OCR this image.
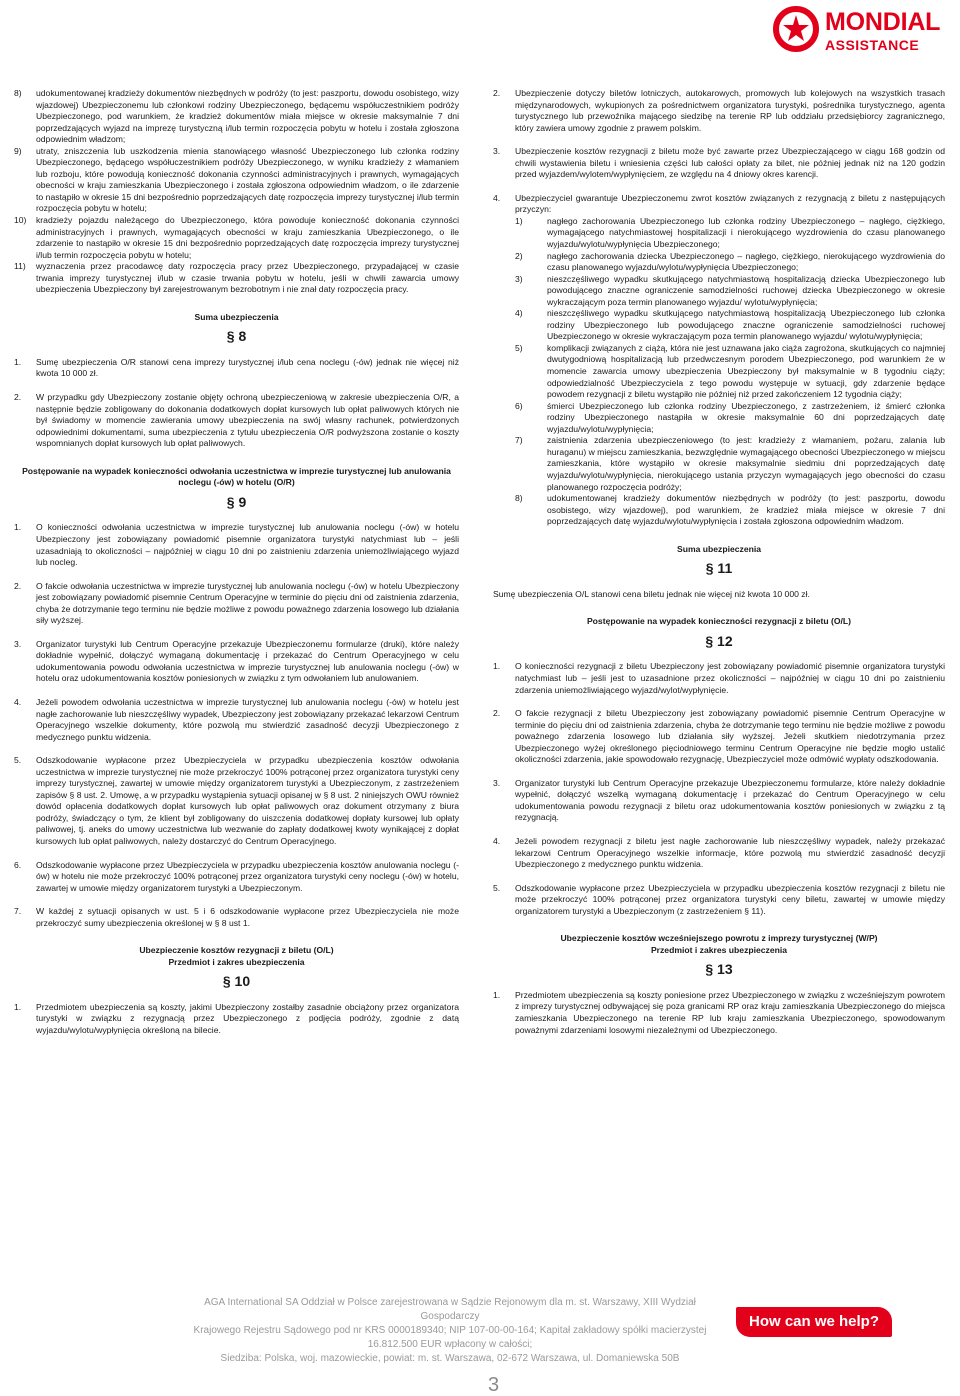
MONDIAL
ASSISTANCE
8)	udokumentowanej kradzieży dokumentów niezbędnych w podróży (to jest: paszportu, dowodu osobistego, wizy wjazdowej) Ubezpieczonemu lub członkowi rodziny Ubezpieczonego, będącemu współuczestnikiem podróży Ubezpieczonego, pod warunkiem, że kradzież dokumentów miała miejsce w okresie maksymalnie 7 dni poprzedzających wyjazd na imprezę turystyczną i/lub termin rozpoczęcia pobytu w hotelu i została zgłoszona odpowiednim władzom;
9)	utraty, zniszczenia lub uszkodzenia mienia stanowiącego własność Ubezpieczonego lub członka rodziny Ubezpieczonego, będącego współuczestnikiem podróży Ubezpieczonego, w wyniku kradzieży z włamaniem lub rozboju, które powodują konieczność dokonania czynności administracyjnych i prawnych, wymagających obecności w kraju zamieszkania Ubezpieczonego i została zgłoszona odpowiednim władzom, o ile zdarzenie to nastąpiło w okresie 15 dni bezpośrednio poprzedzających datę rozpoczęcia imprezy turystycznej i/lub termin rozpoczęcia pobytu w hotelu;
10)	kradzieży pojazdu należącego do Ubezpieczonego, która powoduje konieczność dokonania czynności administracyjnych i prawnych, wymagających obecności w kraju zamieszkania Ubezpieczonego, o ile zdarzenie to nastąpiło w okresie 15 dni bezpośrednio poprzedzających datę rozpoczęcia imprezy turystycznej i/lub termin rozpoczęcia pobytu w hotelu;
11)	wyznaczenia przez pracodawcę daty rozpoczęcia pracy przez Ubezpieczonego, przypadającej w czasie trwania imprezy turystycznej i/lub w czasie trwania pobytu w hotelu, jeśli w chwili zawarcia umowy ubezpieczenia Ubezpieczony był zarejestrowanym bezrobotnym i nie znał daty rozpoczęcia pracy.
Suma ubezpieczenia
§ 8
1.	Sumę ubezpieczenia O/R stanowi cena imprezy turystycznej i/lub cena noclegu (-ów) jednak nie więcej niż kwota 10 000 zł.
2.	W przypadku gdy Ubezpieczony zostanie objęty ochroną ubezpieczeniową w zakresie ubezpieczenia O/R, a następnie będzie zobligowany do dokonania dodatkowych dopłat kursowych lub opłat paliwowych których nie był świadomy w momencie zawierania umowy ubezpieczenia na swój własny rachunek, potwierdzonych odpowiednimi dokumentami, suma ubezpieczenia z tytułu ubezpieczenia O/R podwyższona zostanie o koszty wspomnianych dopłat kursowych lub opłat paliwowych.
Postępowanie na wypadek konieczności odwołania uczestnictwa w imprezie turystycznej lub anulowania noclegu (-ów) w hotelu (O/R)
§ 9
1.	O konieczności odwołania uczestnictwa w imprezie turystycznej lub anulowania noclegu (-ów) w hotelu Ubezpieczony jest zobowiązany powiadomić pisemnie organizatora turystyki natychmiast lub – jeśli uzasadniają to okoliczności – najpóźniej w ciągu 10 dni po zaistnieniu zdarzenia uniemożliwiającego wyjazd lub nocleg.
2.	O fakcie odwołania uczestnictwa w imprezie turystycznej lub anulowania noclegu (-ów) w hotelu Ubezpieczony jest zobowiązany powiadomić pisemnie Centrum Operacyjne w terminie do pięciu dni od zaistnienia zdarzenia, chyba że dotrzymanie tego terminu nie będzie możliwe z powodu poważnego zdarzenia losowego lub działania siły wyższej.
3.	Organizator turystyki lub Centrum Operacyjne przekazuje Ubezpieczonemu formularze (druki), które należy dokładnie wypełnić, dołączyć wymaganą dokumentację i przekazać do Centrum Operacyjnego w celu udokumentowania powodu odwołania uczestnictwa w imprezie turystycznej lub anulowania noclegu (-ów) w hotelu oraz udokumentowania kosztów poniesionych w związku z tym odwołaniem lub anulowaniem.
4.	Jeżeli powodem odwołania uczestnictwa w imprezie turystycznej lub anulowania noclegu (-ów) w hotelu jest nagłe zachorowanie lub nieszczęśliwy wypadek, Ubezpieczony jest zobowiązany przekazać lekarzowi Centrum Operacyjnego wszelkie dokumenty, które pozwolą mu stwierdzić zasadność decyzji Ubezpieczonego z medycznego punktu widzenia.
5.	Odszkodowanie wypłacone przez Ubezpieczyciela w przypadku ubezpieczenia kosztów odwołania uczestnictwa w imprezie turystycznej nie może przekroczyć 100% potrąconej przez organizatora turystyki ceny imprezy turystycznej, zawartej w umowie między organizatorem turystyki a Ubezpieczonym, z zastrzeżeniem zapisów § 8 ust. 2. Umowę, a w przypadku wystąpienia sytuacji opisanej w § 8 ust. 2 niniejszych OWU również dowód opłacenia dodatkowych dopłat kursowych lub opłat paliwowych oraz dokument otrzymany z biura podróży, świadczący o tym, że klient był zobligowany do uiszczenia dodatkowej dopłaty kursowej lub opłaty paliwowej, tj. aneks do umowy uczestnictwa lub wezwanie do zapłaty dodatkowej kwoty wynikającej z dopłat kursowych lub opłat paliwowych, należy dostarczyć do Centrum Operacyjnego.
6.	Odszkodowanie wypłacone przez Ubezpieczyciela w przypadku ubezpieczenia kosztów anulowania noclegu (-ów) w hotelu nie może przekroczyć 100% potrąconej przez organizatora turystyki ceny noclegu (-ów) w hotelu, zawartej w umowie między organizatorem turystyki a Ubezpieczonym.
7.	W każdej z sytuacji opisanych w ust. 5 i 6 odszkodowanie wypłacone przez Ubezpieczyciela nie może przekroczyć sumy ubezpieczenia określonej w § 8 ust 1.
Ubezpieczenie kosztów rezygnacji z biletu (O/L)
Przedmiot i zakres ubezpieczenia
§ 10
1.	Przedmiotem ubezpieczenia są koszty, jakimi Ubezpieczony zostałby zasadnie obciążony przez organizatora turystyki w związku z rezygnacją przez Ubezpieczonego z podjęcia podróży, zgodnie z datą wyjazdu/wylotu/wypłynięcia określoną na bilecie.
2.	Ubezpieczenie dotyczy biletów lotniczych, autokarowych, promowych lub kolejowych na wszystkich trasach międzynarodowych, wykupionych za pośrednictwem organizatora turystyki, pośrednika turystycznego, agenta turystycznego lub przewoźnika mającego siedzibę na terenie RP lub oddziału przedsiębiorcy zagranicznego, który zawiera umowy zgodnie z prawem polskim.
3.	Ubezpieczenie kosztów rezygnacji z biletu może być zawarte przez Ubezpieczającego w ciągu 168 godzin od chwili wystawienia biletu i wniesienia części lub całości opłaty za bilet, nie później jednak niż na 120 godzin przed wyjazdem/wylotem/wypłynięciem, ze względu na 4 dniowy okres karencji.
4.	Ubezpieczyciel gwarantuje Ubezpieczonemu zwrot kosztów związanych z rezygnacją z biletu z następujących przyczyn:
1)	nagłego zachorowania Ubezpieczonego lub członka rodziny Ubezpieczonego – nagłego, ciężkiego, wymagającego natychmiastowej hospitalizacji i nierokującego wyzdrowienia do czasu planowanego wyjazdu/wylotu/wypłynięcia Ubezpieczonego;
2)	nagłego zachorowania dziecka Ubezpieczonego – nagłego, ciężkiego, nierokującego wyzdrowienia do czasu planowanego wyjazdu/wylotu/wypłynięcia Ubezpieczonego;
3)	nieszczęśliwego wypadku skutkującego natychmiastową hospitalizacją dziecka Ubezpieczonego lub powodującego znaczne ograniczenie samodzielności ruchowej dziecka Ubezpieczonego w okresie wykraczającym poza termin planowanego wyjazdu/ wylotu/wypłynięcia;
4)	nieszczęśliwego wypadku skutkującego natychmiastową hospitalizacją Ubezpieczonego lub członka rodziny Ubezpieczonego lub powodującego znaczne ograniczenie samodzielności ruchowej Ubezpieczonego w okresie wykraczającym poza termin planowanego wyjazdu/ wylotu/wypłynięcia;
5)	komplikacji związanych z ciążą, która nie jest uznawana jako ciąża zagrożona, skutkujących co najmniej dwutygodniową hospitalizacją lub przedwczesnym porodem Ubezpieczonego, pod warunkiem że w momencie zawarcia umowy ubezpieczenia Ubezpieczony był maksymalnie w 8 tygodniu ciąży; odpowiedzialność Ubezpieczyciela z tego powodu występuje w sytuacji, gdy zdarzenie będące powodem rezygnacji z biletu wystąpiło nie później niż przed zakończeniem 12 tygodnia ciąży;
6)	śmierci Ubezpieczonego lub członka rodziny Ubezpieczonego, z zastrzeżeniem, iż śmierć członka rodziny Ubezpieczonego nastąpiła w okresie maksymalnie 60 dni poprzedzających datę wyjazdu/wylotu/wypłynięcia;
7)	zaistnienia zdarzenia ubezpieczeniowego (to jest: kradzieży z włamaniem, pożaru, zalania lub huraganu) w miejscu zamieszkania, bezwzględnie wymagającego obecności Ubezpieczonego w miejscu zamieszkania, które wystąpiło w okresie maksymalnie siedmiu dni poprzedzających datę wyjazdu/wylotu/wypłynięcia, nierokującego ustania przyczyn wymagających jego obecności do czasu planowanego rozpoczęcia podróży;
8)	udokumentowanej kradzieży dokumentów niezbędnych w podróży (to jest: paszportu, dowodu osobistego, wizy wjazdowej), pod warunkiem, że kradzież miała miejsce w okresie 7 dni poprzedzających datę wyjazdu/wylotu/wypłynięcia i została zgłoszona odpowiednim władzom.
Suma ubezpieczenia
§ 11
Sumę ubezpieczenia O/L stanowi cena biletu jednak nie więcej niż kwota 10 000 zł.
Postępowanie na wypadek konieczności rezygnacji z biletu (O/L)
§ 12
1.	O konieczności rezygnacji z biletu Ubezpieczony jest zobowiązany powiadomić pisemnie organizatora turystyki natychmiast lub – jeśli jest to uzasadnione przez okoliczności – najpóźniej w ciągu 10 dni po zaistnieniu zdarzenia uniemożliwiającego wyjazd/wylot/wypłynięcie.
2.	O fakcie rezygnacji z biletu Ubezpieczony jest zobowiązany powiadomić pisemnie Centrum Operacyjne w terminie do pięciu dni od zaistnienia zdarzenia, chyba że dotrzymanie tego terminu nie będzie możliwe z powodu poważnego zdarzenia losowego lub działania siły wyższej. Jeżeli skutkiem niedotrzymania przez Ubezpieczonego wyżej określonego pięciodniowego terminu Centrum Operacyjne nie będzie mogło ustalić okoliczności zdarzenia, jakie spowodowało rezygnację, Ubezpieczyciel może odmówić wypłaty odszkodowania.
3.	Organizator turystyki lub Centrum Operacyjne przekazuje Ubezpieczonemu formularze, które należy dokładnie wypełnić, dołączyć wszelką wymaganą dokumentację i przekazać do Centrum Operacyjnego w celu udokumentowania powodu rezygnacji z biletu oraz udokumentowania kosztów poniesionych w związku z tą rezygnacją.
4.	Jeżeli powodem rezygnacji z biletu jest nagłe zachorowanie lub nieszczęśliwy wypadek, należy przekazać lekarzowi Centrum Operacyjnego wszelkie informacje, które pozwolą mu stwierdzić zasadność decyzji Ubezpieczonego z medycznego punktu widzenia.
5.	Odszkodowanie wypłacone przez Ubezpieczyciela w przypadku ubezpieczenia kosztów rezygnacji z biletu nie może przekroczyć 100% potrąconej przez organizatora turystyki ceny biletu, zawartej w umowie między organizatorem turystyki a Ubezpieczonym (z zastrzeżeniem § 11).
Ubezpieczenie kosztów wcześniejszego powrotu z imprezy turystycznej (W/P)
Przedmiot i zakres ubezpieczenia
§ 13
1.	Przedmiotem ubezpieczenia są koszty poniesione przez Ubezpieczonego w związku z wcześniejszym powrotem z imprezy turystycznej odbywającej się poza granicami RP oraz kraju zamieszkania Ubezpieczonego do miejsca zamieszkania Ubezpieczonego na terenie RP lub kraju zamieszkania Ubezpieczonego, spowodowanym poważnymi zdarzeniami losowymi niezależnymi od Ubezpieczonego.
AGA International SA Oddział w Polsce zarejestrowana w Sądzie Rejonowym dla m. st. Warszawy, XIII Wydział Gospodarczy
Krajowego Rejestru Sądowego pod nr KRS 0000189340; NIP 107-00-00-164; Kapitał zakładowy spółki macierzystej 16.812.500 EUR wpłacony w całości;
Siedziba: Polska, woj. mazowieckie, powiat: m. st. Warszawa, 02-672 Warszawa, ul. Domaniewska 50B
How can we help?
3
